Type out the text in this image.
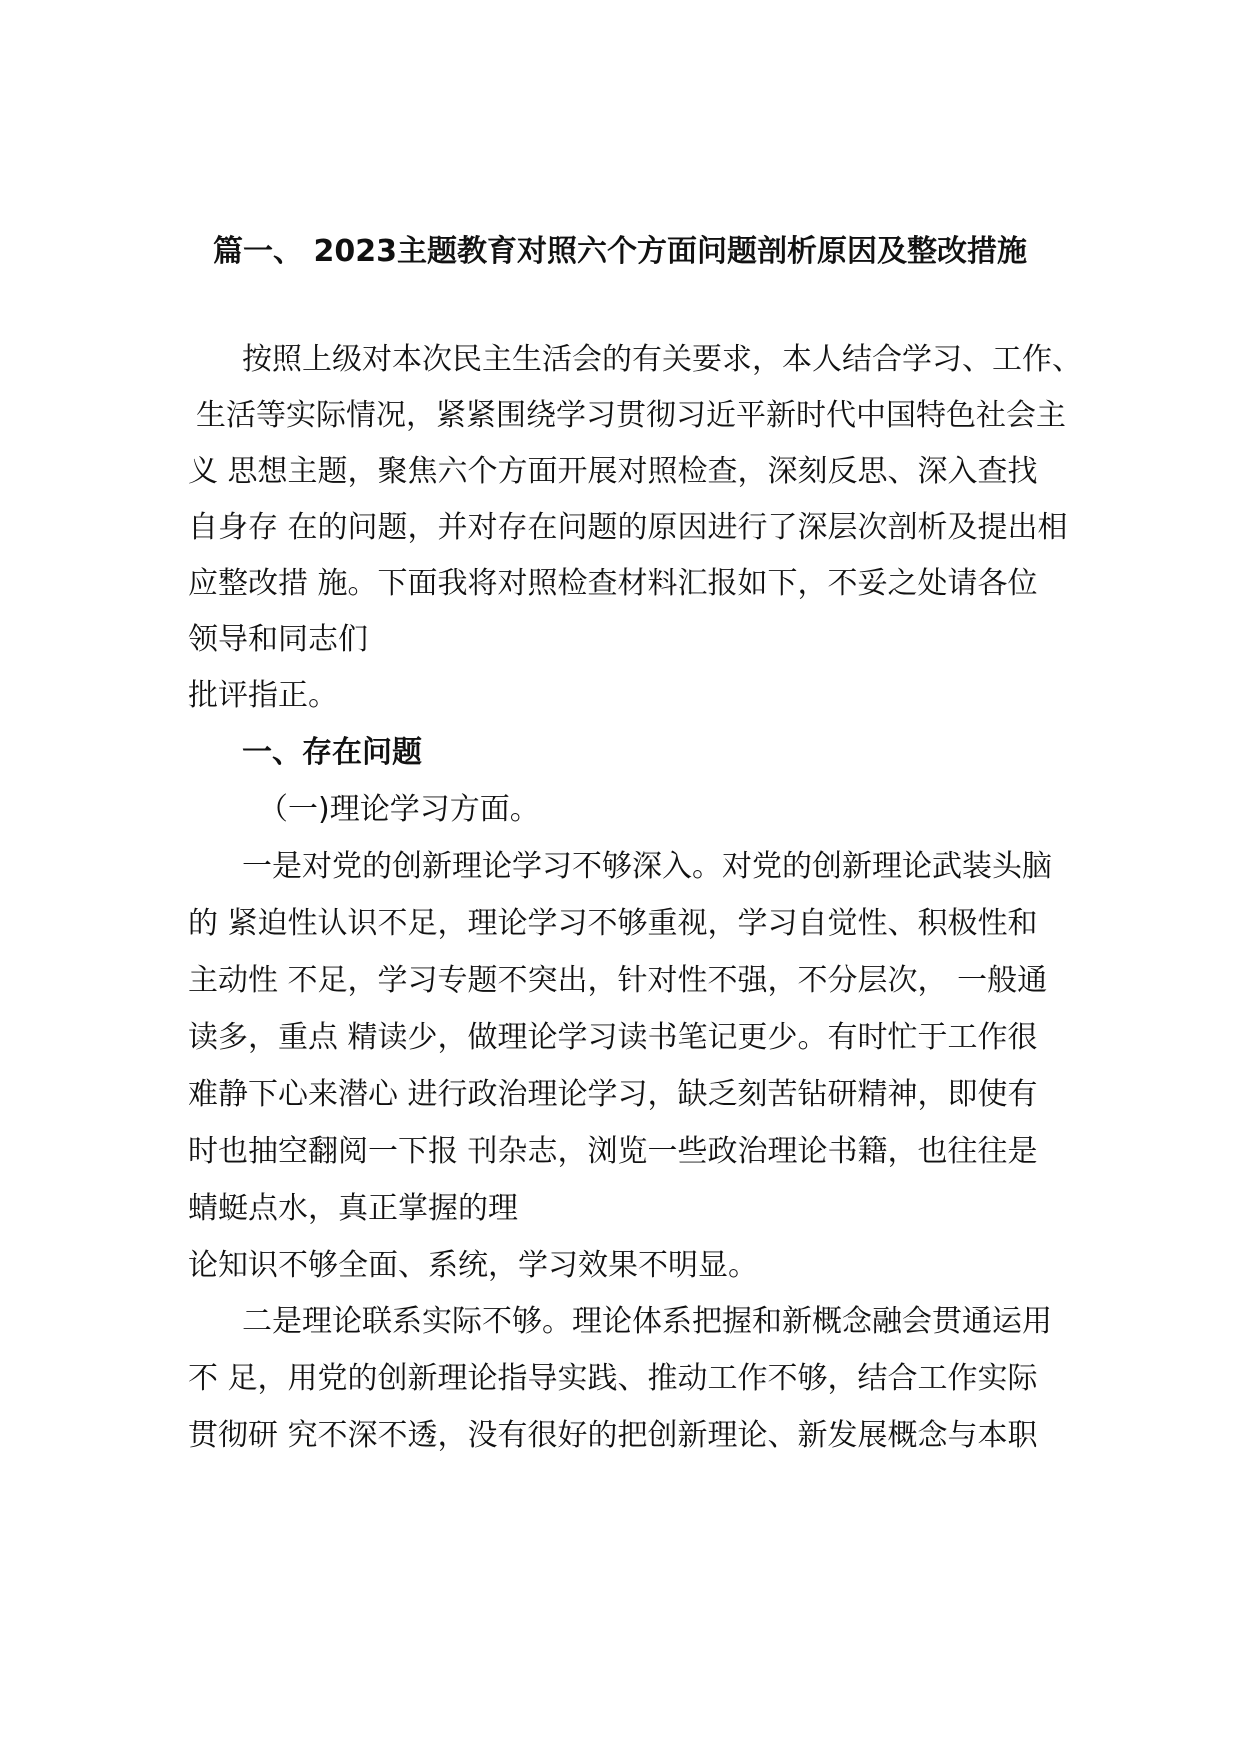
篇一、 2023主题教育对照六个方面问题剖析原因及整改措施
按照上级对本次民主生活会的有关要求，本人结合学习、工作、
生活等实际情况，紧紧围绕学习贯彻习近平新时代中国特色社会主
义 思想主题，聚焦六个方面开展对照检查，深刻反思、深入查找
自身存 在的问题，并对存在问题的原因进行了深层次剖析及提出相
应整改措 施。下面我将对照检查材料汇报如下，不妥之处请各位
领导和同志们
批评指正。
一、存在问题
（一)理论学习方面。
一是对党的创新理论学习不够深入。对党的创新理论武装头脑
的 紧迫性认识不足，理论学习不够重视，学习自觉性、积极性和
主动性 不足，学习专题不突出，针对性不强，不分层次， 一般通
读多，重点 精读少，做理论学习读书笔记更少。有时忙于工作很
难静下心来潜心 进行政治理论学习，缺乏刻苦钻研精神，即使有
时也抽空翻阅一下报 刊杂志，浏览一些政治理论书籍，也往往是
蜻蜓点水，真正掌握的理
论知识不够全面、系统，学习效果不明显。
二是理论联系实际不够。理论体系把握和新概念融会贯通运用
不 足，用党的创新理论指导实践、推动工作不够，结合工作实际
贯彻研 究不深不透，没有很好的把创新理论、新发展概念与本职
